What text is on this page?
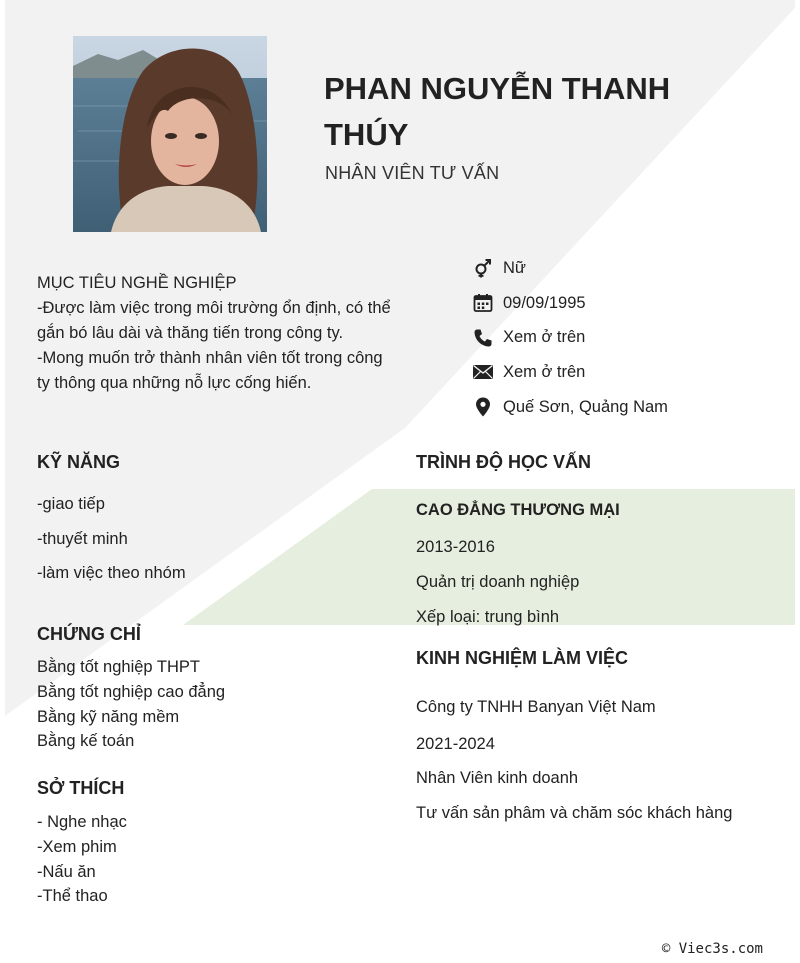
PHAN NGUYỄN THANH THÚY
NHÂN VIÊN TƯ VẤN
MỤC TIÊU NGHỀ NGHIỆP
-Được làm việc trong môi trường ổn định, có thể
gắn bó lâu dài và thăng tiến trong công ty.
-Mong muốn trở thành nhân viên tốt trong công
ty thông qua những nỗ lực cống hiến.
Nữ
09/09/1995
Xem ở trên
Xem ở trên
Quế Sơn, Quảng Nam
KỸ NĂNG
-giao tiếp
-thuyết minh
-làm việc theo nhóm
CHỨNG CHỈ
Bằng tốt nghiệp THPT
Bằng tốt nghiệp cao đẳng
Bằng kỹ năng mềm
Bằng kế toán
SỞ THÍCH
- Nghe nhạc
-Xem phim
-Nấu ăn
-Thể thao
TRÌNH ĐỘ HỌC VẤN
CAO ĐẲNG THƯƠNG MẠI
2013-2016
Quản trị doanh nghiệp
Xếp loại: trung bình
KINH NGHIỆM LÀM VIỆC
Công ty TNHH Banyan Việt Nam
2021-2024
Nhân Viên kinh doanh
Tư vấn sản phâm và chăm sóc khách hàng
© Viec3s.com
